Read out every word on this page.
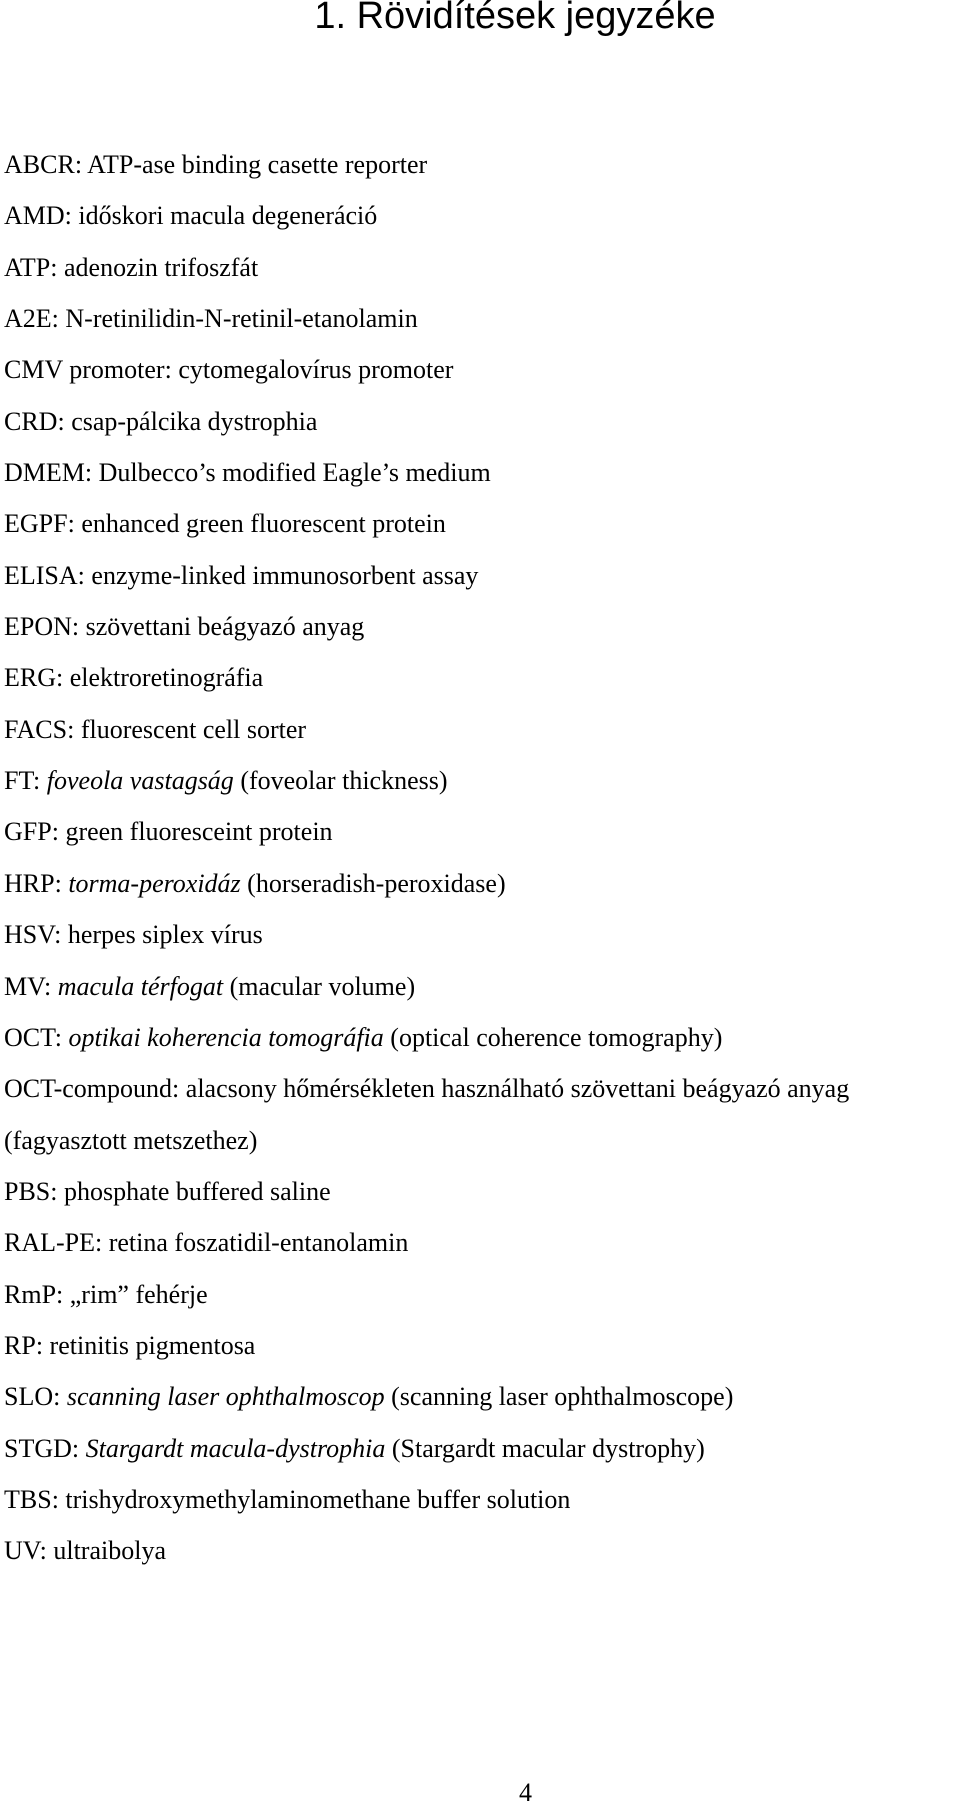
1. Rövidítések jegyzéke
ABCR: ATP-ase binding casette reporter
AMD: időskori macula degeneráció
ATP: adenozin trifoszfát
A2E: N-retinilidin-N-retinil-etanolamin
CMV promoter: cytomegalovírus promoter
CRD: csap-pálcika dystrophia
DMEM: Dulbecco’s modified Eagle’s medium
EGPF: enhanced green fluorescent protein
ELISA: enzyme-linked immunosorbent assay
EPON: szövettani beágyazó anyag
ERG: elektroretinográfia
FACS: fluorescent cell sorter
FT: foveola vastagság (foveolar thickness)
GFP: green fluoresceint protein
HRP: torma-peroxidáz (horseradish-peroxidase)
HSV: herpes siplex vírus
MV: macula térfogat (macular volume)
OCT: optikai koherencia tomográfia (optical coherence tomography)
OCT-compound: alacsony hőmérsékleten használható szövettani beágyazó anyag
(fagyasztott metszethez)
PBS: phosphate buffered saline
RAL-PE: retina foszatidil-entanolamin
RmP: „rim” fehérje
RP: retinitis pigmentosa
SLO: scanning laser ophthalmoscop (scanning laser ophthalmoscope)
STGD: Stargardt macula-dystrophia (Stargardt macular dystrophy)
TBS: trishydroxymethylaminomethane buffer solution
UV: ultraibolya
4
